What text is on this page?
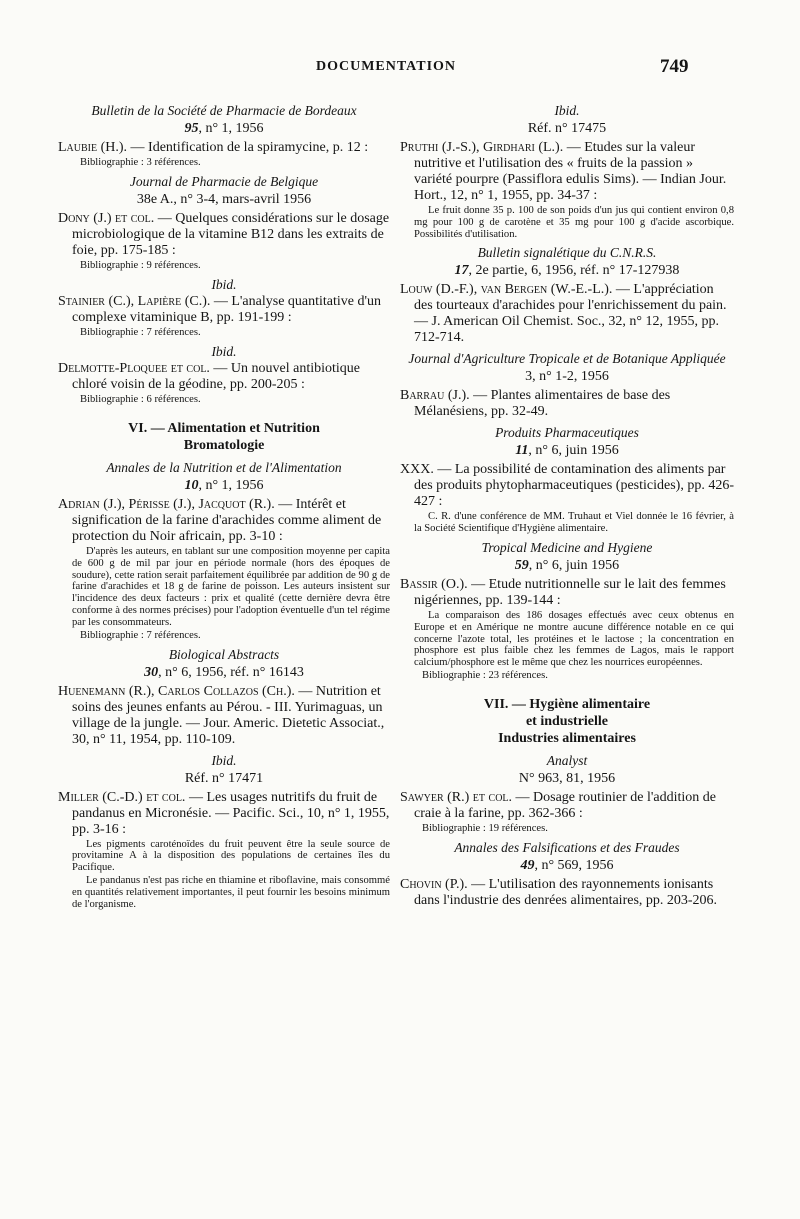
DOCUMENTATION	749
Bulletin de la Société de Pharmacie de Bordeaux
95, n° 1, 1956
Laubie (H.). — Identification de la spiramycine, p. 12 :
Bibliographie : 3 références.
Journal de Pharmacie de Belgique
38e A., n° 3-4, mars-avril 1956
Dony (J.) et col. — Quelques considérations sur le dosage microbiologique de la vitamine B12 dans les extraits de foie, pp. 175-185 :
Bibliographie : 9 références.
Ibid.
Stainier (C.), Lapière (C.). — L'analyse quantitative d'un complexe vitaminique B, pp. 191-199 :
Bibliographie : 7 références.
Ibid.
Delmotte-Ploquee et col. — Un nouvel antibiotique chloré voisin de la géodine, pp. 200-205 :
Bibliographie : 6 références.
VI. — Alimentation et Nutrition
Bromatologie
Annales de la Nutrition et de l'Alimentation
10, n° 1, 1956
Adrian (J.), Périsse (J.), Jacquot (R.). — Intérêt et signification de la farine d'arachides comme aliment de protection du Noir africain, pp. 3-10 :
D'après les auteurs, en tablant sur une composition moyenne per capita de 600 g de mil par jour en période normale (hors des époques de soudure), cette ration serait parfaitement équilibrée par addition de 90 g de farine d'arachides et 18 g de farine de poisson. Les auteurs insistent sur l'incidence des deux facteurs : prix et qualité (cette dernière devra être conforme à des normes précises) pour l'adoption éventuelle d'un tel régime par les consommateurs.
Bibliographie : 7 références.
Biological Abstracts
30, n° 6, 1956, réf. n° 16143
Huenemann (R.), Carlos Collazos (Ch.). — Nutrition et soins des jeunes enfants au Pérou. - III. Yurimaguas, un village de la jungle. — Jour. Americ. Dietetic Associat., 30, n° 11, 1954, pp. 110-109.
Ibid.
Réf. n° 17471
Miller (C.-D.) et col. — Les usages nutritifs du fruit de pandanus en Micronésie. — Pacific. Sci., 10, n° 1, 1955, pp. 3-16 :
Les pigments caroténoïdes du fruit peuvent être la seule source de provitamine A à la disposition des populations de certaines îles du Pacifique.
Le pandanus n'est pas riche en thiamine et riboflavine, mais consommé en quantités relativement importantes, il peut fournir les besoins minimum de l'organisme.
Ibid.
Réf. n° 17475
Pruthi (J.-S.), Girdhari (L.). — Etudes sur la valeur nutritive et l'utilisation des « fruits de la passion » variété pourpre (Passiflora edulis Sims). — Indian Jour. Hort., 12, n° 1, 1955, pp. 34-37 :
Le fruit donne 35 p. 100 de son poids d'un jus qui contient environ 0,8 mg pour 100 g de carotène et 35 mg pour 100 g d'acide ascorbique. Possibilités d'utilisation.
Bulletin signalétique du C.N.R.S.
17, 2e partie, 6, 1956, réf. n° 17-127938
Louw (D.-F.), van Bergen (W.-E.-L.). — L'appréciation des tourteaux d'arachides pour l'enrichissement du pain. — J. American Oil Chemist. Soc., 32, n° 12, 1955, pp. 712-714.
Journal d'Agriculture Tropicale et de Botanique Appliquée
3, n° 1-2, 1956
Barrau (J.). — Plantes alimentaires de base des Mélanésiens, pp. 32-49.
Produits Pharmaceutiques
11, n° 6, juin 1956
XXX. — La possibilité de contamination des aliments par des produits phytopharmaceutiques (pesticides), pp. 426-427 :
C. R. d'une conférence de MM. Truhaut et Viel donnée le 16 février, à la Société Scientifique d'Hygiène alimentaire.
Tropical Medicine and Hygiene
59, n° 6, juin 1956
Bassir (O.). — Etude nutritionnelle sur le lait des femmes nigériennes, pp. 139-144 :
La comparaison des 186 dosages effectués avec ceux obtenus en Europe et en Amérique ne montre aucune différence notable en ce qui concerne l'azote total, les protéines et le lactose ; la concentration en phosphore est plus faible chez les femmes de Lagos, mais le rapport calcium/phosphore est le même que chez les nourrices européennes.
Bibliographie : 23 références.
VII. — Hygiène alimentaire
et industrielle
Industries alimentaires
Analyst
N° 963, 81, 1956
Sawyer (R.) et col. — Dosage routinier de l'addition de craie à la farine, pp. 362-366 :
Bibliographie : 19 références.
Annales des Falsifications et des Fraudes
49, n° 569, 1956
Chovin (P.). — L'utilisation des rayonnements ionisants dans l'industrie des denrées alimentaires, pp. 203-206.
